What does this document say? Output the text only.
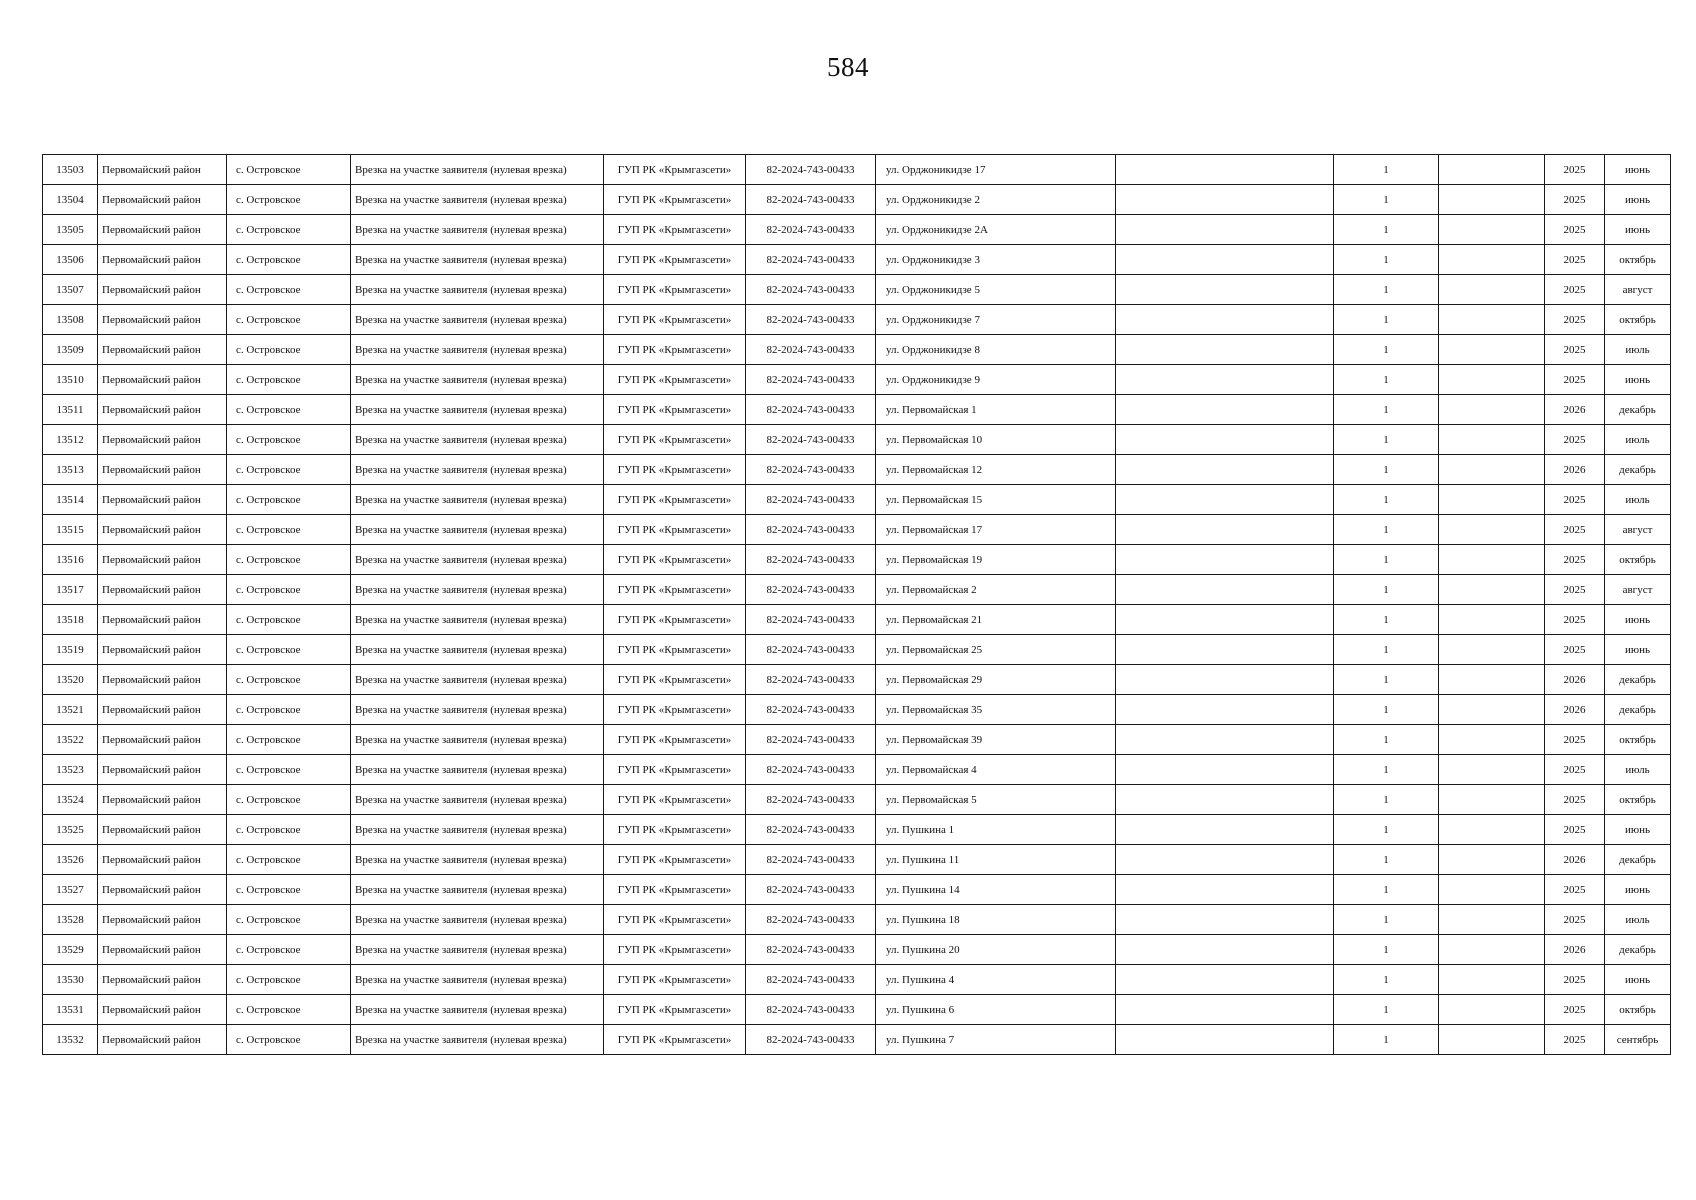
584
13503	Первомайский район	с. Островское	Врезка на участке заявителя (нулевая врезка)	ГУП РК «Крымгазсети»	82-2024-743-00433	ул. Орджоникидзе 17		1		2025	июнь
13504	Первомайский район	с. Островское	Врезка на участке заявителя (нулевая врезка)	ГУП РК «Крымгазсети»	82-2024-743-00433	ул. Орджоникидзе 2		1		2025	июнь
13505	Первомайский район	с. Островское	Врезка на участке заявителя (нулевая врезка)	ГУП РК «Крымгазсети»	82-2024-743-00433	ул. Орджоникидзе 2А		1		2025	июнь
13506	Первомайский район	с. Островское	Врезка на участке заявителя (нулевая врезка)	ГУП РК «Крымгазсети»	82-2024-743-00433	ул. Орджоникидзе 3		1		2025	октябрь
13507	Первомайский район	с. Островское	Врезка на участке заявителя (нулевая врезка)	ГУП РК «Крымгазсети»	82-2024-743-00433	ул. Орджоникидзе 5		1		2025	август
13508	Первомайский район	с. Островское	Врезка на участке заявителя (нулевая врезка)	ГУП РК «Крымгазсети»	82-2024-743-00433	ул. Орджоникидзе 7		1		2025	октябрь
13509	Первомайский район	с. Островское	Врезка на участке заявителя (нулевая врезка)	ГУП РК «Крымгазсети»	82-2024-743-00433	ул. Орджоникидзе 8		1		2025	июль
13510	Первомайский район	с. Островское	Врезка на участке заявителя (нулевая врезка)	ГУП РК «Крымгазсети»	82-2024-743-00433	ул. Орджоникидзе 9		1		2025	июнь
13511	Первомайский район	с. Островское	Врезка на участке заявителя (нулевая врезка)	ГУП РК «Крымгазсети»	82-2024-743-00433	ул. Первомайская 1		1		2026	декабрь
13512	Первомайский район	с. Островское	Врезка на участке заявителя (нулевая врезка)	ГУП РК «Крымгазсети»	82-2024-743-00433	ул. Первомайская 10		1		2025	июль
13513	Первомайский район	с. Островское	Врезка на участке заявителя (нулевая врезка)	ГУП РК «Крымгазсети»	82-2024-743-00433	ул. Первомайская 12		1		2026	декабрь
13514	Первомайский район	с. Островское	Врезка на участке заявителя (нулевая врезка)	ГУП РК «Крымгазсети»	82-2024-743-00433	ул. Первомайская 15		1		2025	июль
13515	Первомайский район	с. Островское	Врезка на участке заявителя (нулевая врезка)	ГУП РК «Крымгазсети»	82-2024-743-00433	ул. Первомайская 17		1		2025	август
13516	Первомайский район	с. Островское	Врезка на участке заявителя (нулевая врезка)	ГУП РК «Крымгазсети»	82-2024-743-00433	ул. Первомайская 19		1		2025	октябрь
13517	Первомайский район	с. Островское	Врезка на участке заявителя (нулевая врезка)	ГУП РК «Крымгазсети»	82-2024-743-00433	ул. Первомайская 2		1		2025	август
13518	Первомайский район	с. Островское	Врезка на участке заявителя (нулевая врезка)	ГУП РК «Крымгазсети»	82-2024-743-00433	ул. Первомайская 21		1		2025	июнь
13519	Первомайский район	с. Островское	Врезка на участке заявителя (нулевая врезка)	ГУП РК «Крымгазсети»	82-2024-743-00433	ул. Первомайская 25		1		2025	июнь
13520	Первомайский район	с. Островское	Врезка на участке заявителя (нулевая врезка)	ГУП РК «Крымгазсети»	82-2024-743-00433	ул. Первомайская 29		1		2026	декабрь
13521	Первомайский район	с. Островское	Врезка на участке заявителя (нулевая врезка)	ГУП РК «Крымгазсети»	82-2024-743-00433	ул. Первомайская 35		1		2026	декабрь
13522	Первомайский район	с. Островское	Врезка на участке заявителя (нулевая врезка)	ГУП РК «Крымгазсети»	82-2024-743-00433	ул. Первомайская 39		1		2025	октябрь
13523	Первомайский район	с. Островское	Врезка на участке заявителя (нулевая врезка)	ГУП РК «Крымгазсети»	82-2024-743-00433	ул. Первомайская 4		1		2025	июль
13524	Первомайский район	с. Островское	Врезка на участке заявителя (нулевая врезка)	ГУП РК «Крымгазсети»	82-2024-743-00433	ул. Первомайская 5		1		2025	октябрь
13525	Первомайский район	с. Островское	Врезка на участке заявителя (нулевая врезка)	ГУП РК «Крымгазсети»	82-2024-743-00433	ул. Пушкина 1		1		2025	июнь
13526	Первомайский район	с. Островское	Врезка на участке заявителя (нулевая врезка)	ГУП РК «Крымгазсети»	82-2024-743-00433	ул. Пушкина 11		1		2026	декабрь
13527	Первомайский район	с. Островское	Врезка на участке заявителя (нулевая врезка)	ГУП РК «Крымгазсети»	82-2024-743-00433	ул. Пушкина 14		1		2025	июнь
13528	Первомайский район	с. Островское	Врезка на участке заявителя (нулевая врезка)	ГУП РК «Крымгазсети»	82-2024-743-00433	ул. Пушкина 18		1		2025	июль
13529	Первомайский район	с. Островское	Врезка на участке заявителя (нулевая врезка)	ГУП РК «Крымгазсети»	82-2024-743-00433	ул. Пушкина 20		1		2026	декабрь
13530	Первомайский район	с. Островское	Врезка на участке заявителя (нулевая врезка)	ГУП РК «Крымгазсети»	82-2024-743-00433	ул. Пушкина 4		1		2025	июнь
13531	Первомайский район	с. Островское	Врезка на участке заявителя (нулевая врезка)	ГУП РК «Крымгазсети»	82-2024-743-00433	ул. Пушкина 6		1		2025	октябрь
13532	Первомайский район	с. Островское	Врезка на участке заявителя (нулевая врезка)	ГУП РК «Крымгазсети»	82-2024-743-00433	ул. Пушкина 7		1		2025	сентябрь
